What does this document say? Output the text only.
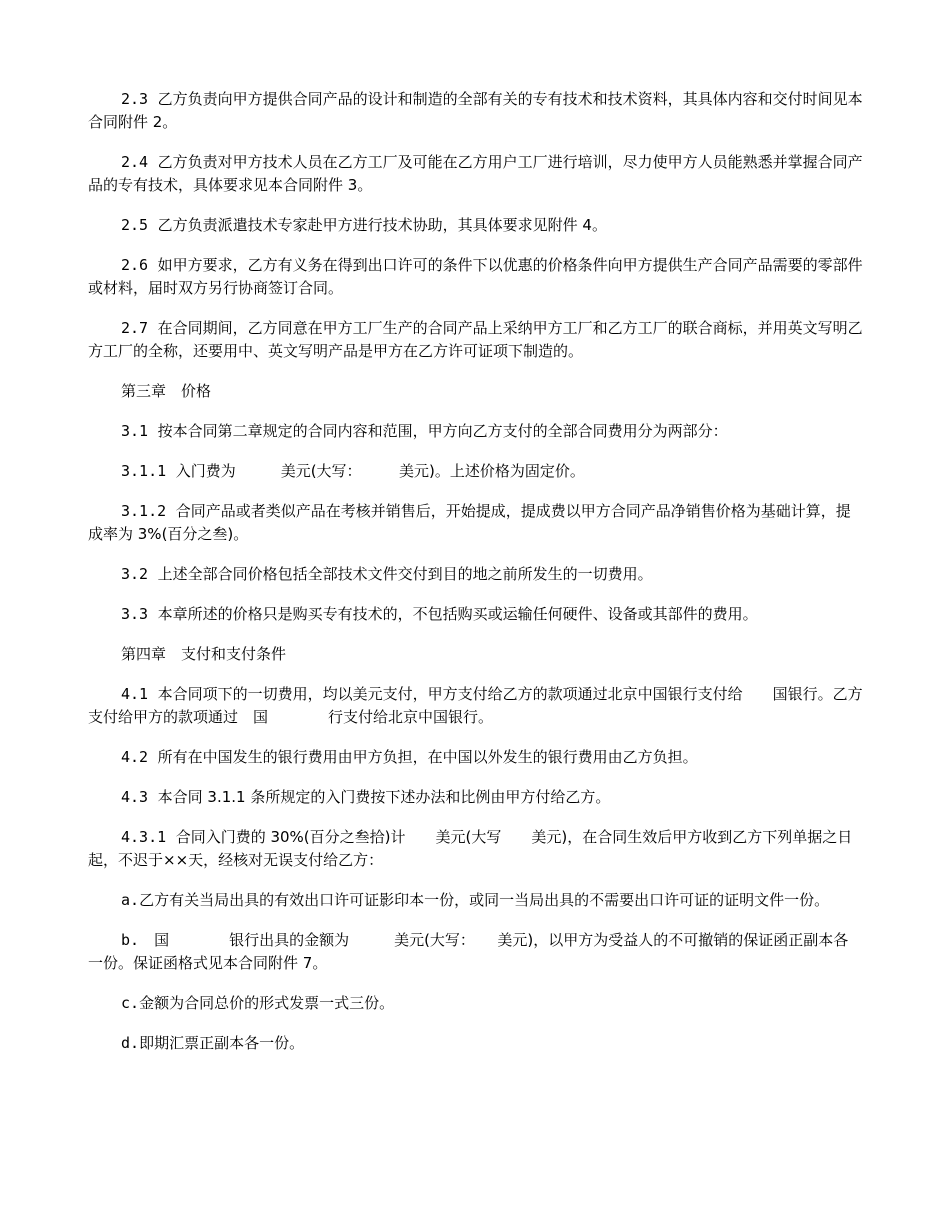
2.3  乙方负责向甲方提供合同产品的设计和制造的全部有关的专有技术和技术资料，其具体内容和交付时间见本合同附件 2。

2.4  乙方负责对甲方技术人员在乙方工厂及可能在乙方用户工厂进行培训，尽力使甲方人员能熟悉并掌握合同产品的专有技术，具体要求见本合同附件 3。

2.5  乙方负责派遣技术专家赴甲方进行技术协助，其具体要求见附件 4。

2.6  如甲方要求，乙方有义务在得到出口许可的条件下以优惠的价格条件向甲方提供生产合同产品需要的零部件或材料，届时双方另行协商签订合同。

2.7  在合同期间，乙方同意在甲方工厂生产的合同产品上采纳甲方工厂和乙方工厂的联合商标，并用英文写明乙方工厂的全称，还要用中、英文写明产品是甲方在乙方许可证项下制造的。

第三章　价格

3.1  按本合同第二章规定的合同内容和范围，甲方向乙方支付的全部合同费用分为两部分：

3.1.1  入门费为　　　美元(大写：　　　美元)。上述价格为固定价。

3.1.2  合同产品或者类似产品在考核并销售后，开始提成，提成费以甲方合同产品净销售价格为基础计算，提成率为 3%(百分之叁)。

3.2  上述全部合同价格包括全部技术文件交付到目的地之前所发生的一切费用。

3.3  本章所述的价格只是购买专有技术的，不包括购买或运输任何硬件、设备或其部件的费用。

第四章　支付和支付条件

4.1  本合同项下的一切费用，均以美元支付，甲方支付给乙方的款项通过北京中国银行支付给　　国银行。乙方支付给甲方的款项通过　国　　　　行支付给北京中国银行。

4.2  所有在中国发生的银行费用由甲方负担，在中国以外发生的银行费用由乙方负担。

4.3  本合同 3.1.1 条所规定的入门费按下述办法和比例由甲方付给乙方。

4.3.1  合同入门费的 30%(百分之叁拾)计　　美元(大写　　美元)，在合同生效后甲方收到乙方下列单据之日起，不迟于××天，经核对无误支付给乙方：

a.乙方有关当局出具的有效出口许可证影印本一份，或同一当局出具的不需要出口许可证的证明文件一份。

b.　国　　　　银行出具的金额为　　　美元(大写：　　美元)，以甲方为受益人的不可撤销的保证函正副本各一份。保证函格式见本合同附件 7。

c.金额为合同总价的形式发票一式三份。

d.即期汇票正副本各一份。
